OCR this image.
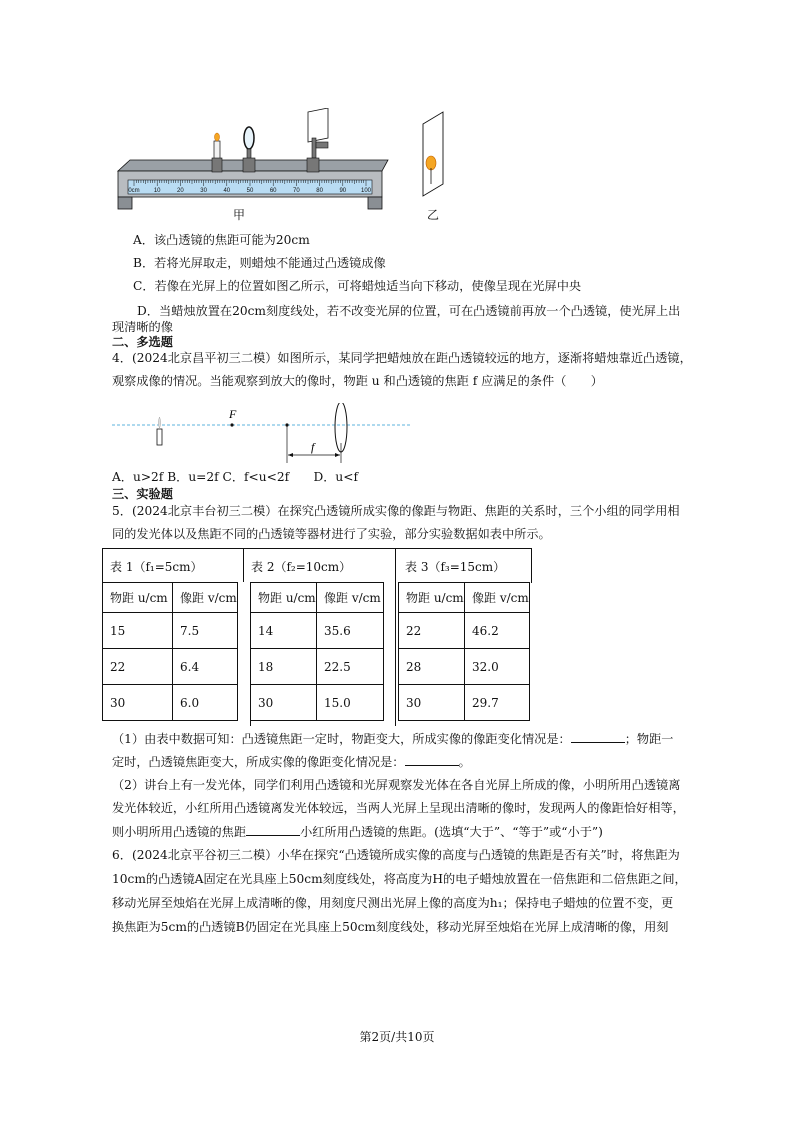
0cm 10	20	30	40	50	60	70	80	90 100
甲	乙
A．该凸透镜的焦距可能为20cm
B．若将光屏取走，则蜡烛不能通过凸透镜成像
C．若像在光屏上的位置如图乙所示，可将蜡烛适当向下移动，使像呈现在光屏中央
D．当蜡烛放置在20cm刻度线处，若不改变光屏的位置，可在凸透镜前再放一个凸透镜，使光屏上出
现清晰的像
二、多选题
4．(2024北京昌平初三二模）如图所示，某同学把蜡烛放在距凸透镜较远的地方，逐渐将蜡烛靠近凸透镜，
观察成像的情况。当能观察到放大的像时，物距 u 和凸透镜的焦距 f 应满足的条件（　　）
F
f
A．u>2f B．u=2f C．f<u<2f　　D．u<f
三、实验题
5．(2024北京丰台初三二模）在探究凸透镜所成实像的像距与物距、焦距的关系时，三个小组的同学用相
同的发光体以及焦距不同的凸透镜等器材进行了实验，部分实验数据如表中所示。
表 1（f₁=5cm）	表 2（f₂=10cm）	表 3（f₃=15cm）
物距 u/cm	像距 v/cm
15	7.5
22	6.4
30	6.0
物距 u/cm	像距 v/cm
14	35.6
18	22.5
30	15.0
物距 u/cm	像距 v/cm
22	46.2
28	32.0
30	29.7
（1）由表中数据可知：凸透镜焦距一定时，物距变大，所成实像的像距变化情况是：	；物距一
定时，凸透镜焦距变大，所成实像的像距变化情况是：	。
（2）讲台上有一发光体，同学们利用凸透镜和光屏观察发光体在各自光屏上所成的像，小明所用凸透镜离
发光体较近，小红所用凸透镜离发光体较远，当两人光屏上呈现出清晰的像时，发现两人的像距恰好相等，
则小明所用凸透镜的焦距	小红所用凸透镜的焦距。(选填“大于”、“等于”或“小于”)
6．(2024北京平谷初三二模）小华在探究“凸透镜所成实像的高度与凸透镜的焦距是否有关”时，将焦距为
10cm的凸透镜A固定在光具座上50cm刻度线处，将高度为H的电子蜡烛放置在一倍焦距和二倍焦距之间，
移动光屏至烛焰在光屏上成清晰的像，用刻度尺测出光屏上像的高度为h₁；保持电子蜡烛的位置不变，更
换焦距为5cm的凸透镜B仍固定在光具座上50cm刻度线处，移动光屏至烛焰在光屏上成清晰的像，用刻
第2页/共10页
